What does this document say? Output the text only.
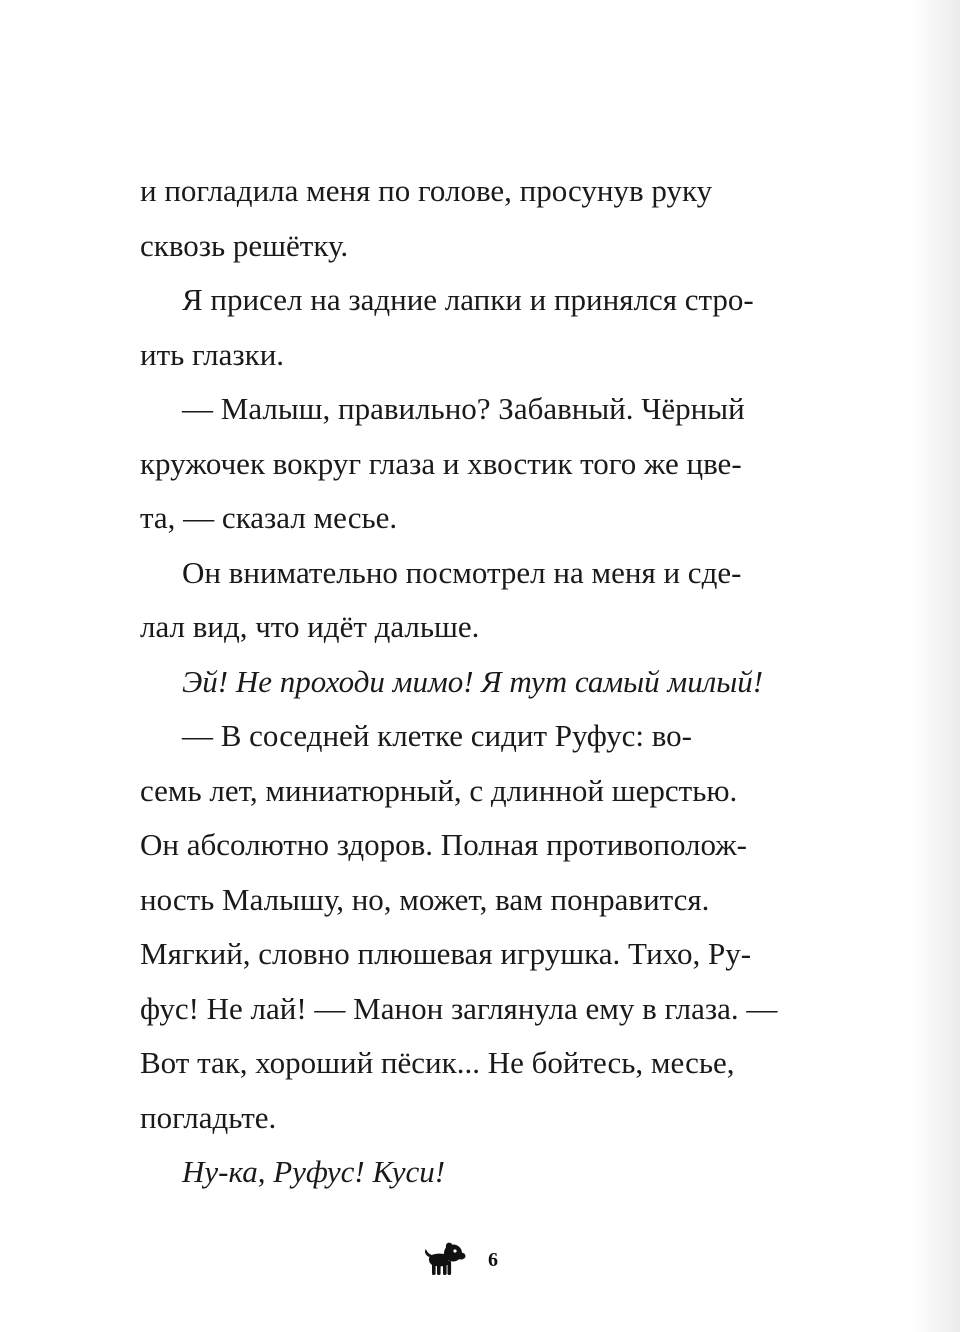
и погладила меня по голове, просунув руку
сквозь решётку.

Я присел на задние лапки и принялся стро-
ить глазки.

— Малыш, правильно? Забавный. Чёрный
кружочек вокруг глаза и хвостик того же цве-
та, — сказал месье.

Он внимательно посмотрел на меня и сде-
лал вид, что идёт дальше.

Эй! Не проходи мимо! Я тут самый милый!

— В соседней клетке сидит Руфус: во-
семь лет, миниатюрный, с длинной шерстью.
Он абсолютно здоров. Полная противополож-
ность Малышу, но, может, вам понравится.
Мягкий, словно плюшевая игрушка. Тихо, Ру-
фус! Не лай! — Манон заглянула ему в глаза. —
Вот так, хороший пёсик... Не бойтесь, месье,
погладьте.

Ну-ка, Руфус! Куси!

6
